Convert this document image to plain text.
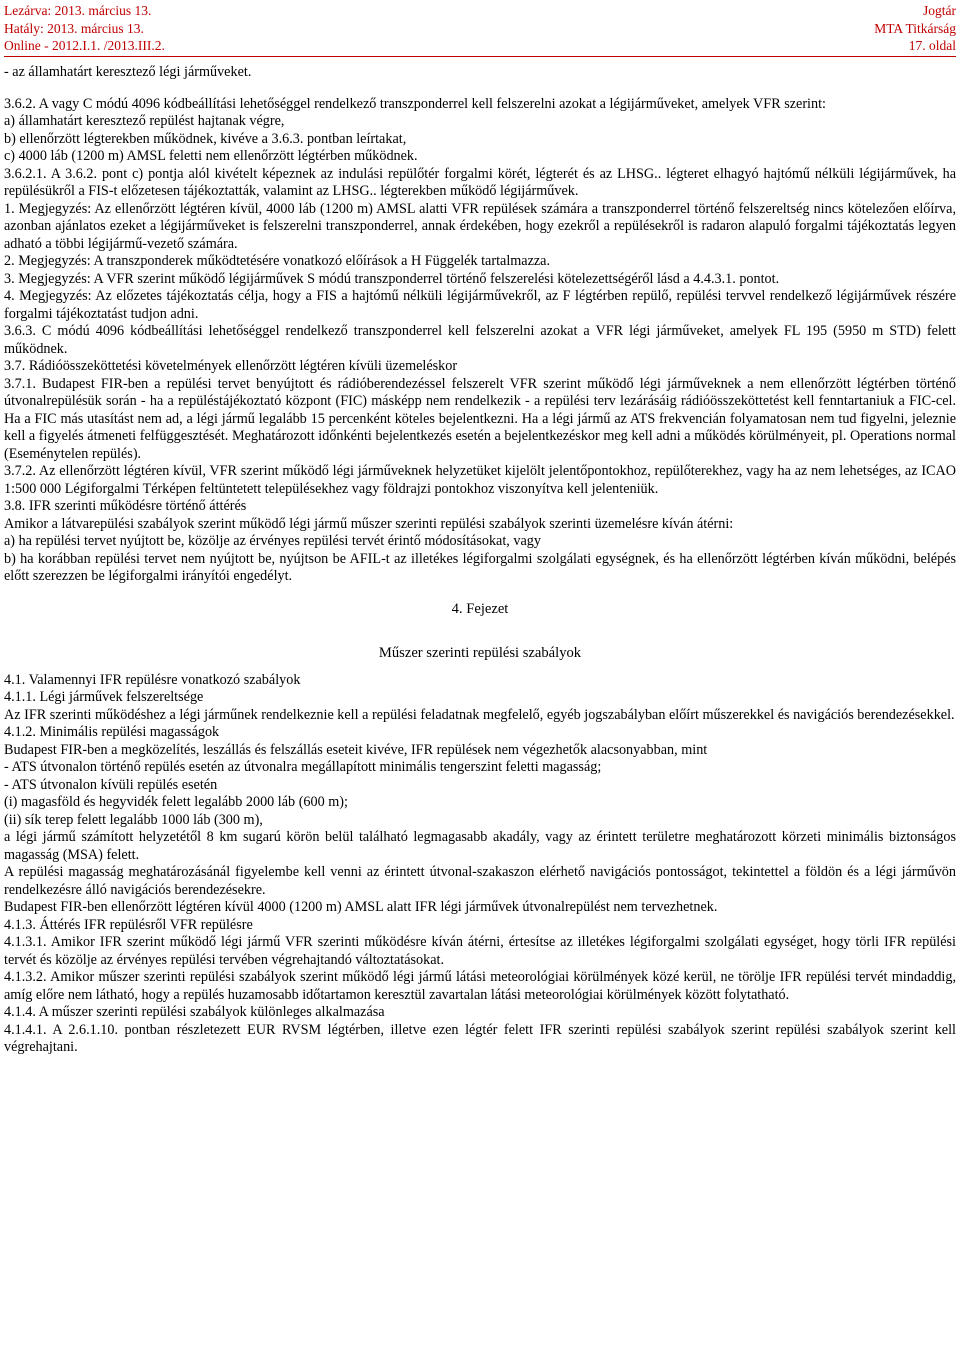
Lezárva: 2013. március 13.
Hatály: 2013. március 13.
Online - 2012.I.1. /2013.III.2.
Jogtár
MTA Titkárság
17. oldal

- az államhatárt keresztező légi járműveket.

3.6.2. A vagy C módú 4096 kódbeállítási lehetőséggel rendelkező transzponderrel kell felszerelni azokat a légijárműveket, amelyek VFR szerint:

a) államhatárt keresztező repülést hajtanak végre,

b) ellenőrzött légterekben működnek, kivéve a 3.6.3. pontban leírtakat,

c) 4000 láb (1200 m) AMSL feletti nem ellenőrzött légtérben működnek.

3.6.2.1. A 3.6.2. pont c) pontja alól kivételt képeznek az indulási repülőtér forgalmi körét, légterét és az LHSG.. légteret elhagyó hajtómű nélküli légijárművek, ha repülésükről a FIS-t előzetesen tájékoztatták, valamint az LHSG.. légterekben működő légijárművek.

1. Megjegyzés: Az ellenőrzött légtéren kívül, 4000 láb (1200 m) AMSL alatti VFR repülések számára a transzponderrel történő felszereltség nincs kötelezően előírva, azonban ajánlatos ezeket a légijárműveket is felszerelni transzponderrel, annak érdekében, hogy ezekről a repülésekről is radaron alapuló forgalmi tájékoztatás legyen adható a többi légijármű-vezető számára.

2. Megjegyzés: A transzponderek működtetésére vonatkozó előírások a H Függelék tartalmazza.

3. Megjegyzés: A VFR szerint működő légijárművek S módú transzponderrel történő felszerelési kötelezettségéről lásd a 4.4.3.1. pontot.

4. Megjegyzés: Az előzetes tájékoztatás célja, hogy a FIS a hajtómű nélküli légijárművekről, az F légtérben repülő, repülési tervvel rendelkező légijárművek részére forgalmi tájékoztatást tudjon adni.

3.6.3. C módú 4096 kódbeállítási lehetőséggel rendelkező transzponderrel kell felszerelni azokat a VFR légi járműveket, amelyek FL 195 (5950 m STD) felett működnek.

3.7. Rádióösszeköttetési követelmények ellenőrzött légtéren kívüli üzemeléskor

3.7.1. Budapest FIR-ben a repülési tervet benyújtott és rádióberendezéssel felszerelt VFR szerint működő légi járműveknek a nem ellenőrzött légtérben történő útvonalrepülésük során - ha a repüléstájékoztató központ (FIC) másképp nem rendelkezik - a repülési terv lezárásáig rádióösszeköttetést kell fenntartaniuk a FIC-cel. Ha a FIC más utasítást nem ad, a légi jármű legalább 15 percenként köteles bejelentkezni. Ha a légi jármű az ATS frekvencián folyamatosan nem tud figyelni, jeleznie kell a figyelés átmeneti felfüggesztését. Meghatározott időnkénti bejelentkezés esetén a bejelentkezéskor meg kell adni a működés körülményeit, pl. Operations normal (Eseménytelen repülés).

3.7.2. Az ellenőrzött légtéren kívül, VFR szerint működő légi járműveknek helyzetüket kijelölt jelentőpontokhoz, repülőterekhez, vagy ha az nem lehetséges, az ICAO 1:500 000 Légiforgalmi Térképen feltüntetett településekhez vagy földrajzi pontokhoz viszonyítva kell jelenteniük.

3.8. IFR szerinti működésre történő áttérés

Amikor a látvarepülési szabályok szerint működő légi jármű műszer szerinti repülési szabályok szerinti üzemelésre kíván átérni:

a) ha repülési tervet nyújtott be, közölje az érvényes repülési tervét érintő módosításokat, vagy

b) ha korábban repülési tervet nem nyújtott be, nyújtson be AFIL-t az illetékes légiforgalmi szolgálati egységnek, és ha ellenőrzött légtérben kíván működni, belépés előtt szerezzen be légiforgalmi irányítói engedélyt.

4. Fejezet

Műszer szerinti repülési szabályok

4.1. Valamennyi IFR repülésre vonatkozó szabályok

4.1.1. Légi járművek felszereltsége

Az IFR szerinti működéshez a légi járműnek rendelkeznie kell a repülési feladatnak megfelelő, egyéb jogszabályban előírt műszerekkel és navigációs berendezésekkel.

4.1.2. Minimális repülési magasságok

Budapest FIR-ben a megközelítés, leszállás és felszállás eseteit kivéve, IFR repülések nem végezhetők alacsonyabban, mint

- ATS útvonalon történő repülés esetén az útvonalra megállapított minimális tengerszint feletti magasság;

- ATS útvonalon kívüli repülés esetén

(i) magasföld és hegyvidék felett legalább 2000 láb (600 m);

(ii) sík terep felett legalább 1000 láb (300 m),

a légi jármű számított helyzetétől 8 km sugarú körön belül található legmagasabb akadály, vagy az érintett területre meghatározott körzeti minimális biztonságos magasság (MSA) felett.

A repülési magasság meghatározásánál figyelembe kell venni az érintett útvonal-szakaszon elérhető navigációs pontosságot, tekintettel a földön és a légi járművön rendelkezésre álló navigációs berendezésekre.

Budapest FIR-ben ellenőrzött légtéren kívül 4000 (1200 m) AMSL alatt IFR légi járművek útvonalrepülést nem tervezhetnek.

4.1.3. Áttérés IFR repülésről VFR repülésre

4.1.3.1. Amikor IFR szerint működő légi jármű VFR szerinti működésre kíván átérni, értesítse az illetékes légiforgalmi szolgálati egységet, hogy törli IFR repülési tervét és közölje az érvényes repülési tervében végrehajtandó változtatásokat.

4.1.3.2. Amikor műszer szerinti repülési szabályok szerint működő légi jármű látási meteorológiai körülmények közé kerül, ne törölje IFR repülési tervét mindaddig, amíg előre nem látható, hogy a repülés huzamosabb időtartamon keresztül zavartalan látási meteorológiai körülmények között folytatható.

4.1.4. A műszer szerinti repülési szabályok különleges alkalmazása

4.1.4.1. A 2.6.1.10. pontban részletezett EUR RVSM légtérben, illetve ezen légtér felett IFR szerinti repülési szabályok szerint repülési szabályok szerint kell végrehajtani.
